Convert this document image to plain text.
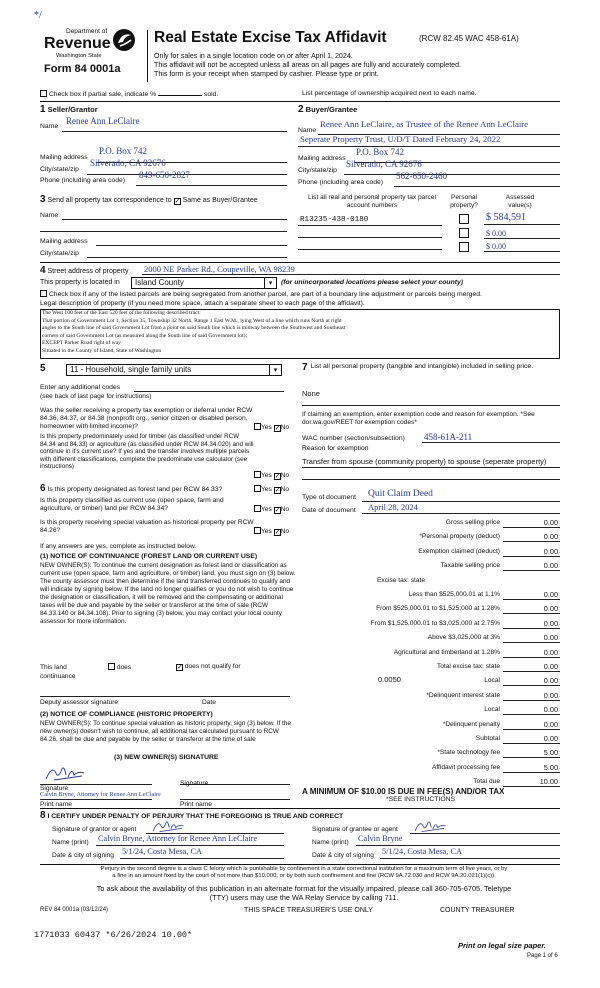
*/
Department of
Revenue
Washington State
Form 84 0001a
Real Estate Excise Tax Affidavit	(RCW 82.45 WAC 458-61A)
Only for sales in a single location code on or after April 1, 2024.
This affidavit will not be accepted unless all areas on all pages are fully and accurately completed.
This form is your receipt when stamped by cashier. Please type or print.
Check box if partial sale, indicate %	sold.	List percentage of ownership acquired next to each name.
1 Seller/Grantor
Name
Renee Ann LeClaire
Mailing address
P.O. Box 742
City/state/zip
Silverado, CA 92676
Phone (including area code)
849-650-2827
2 Buyer/Grantee
Name
Renee Ann LeClaire, as Trustee of the Renee Ann LeClaire
Seperate Property Trust, U/D/T Dated February 24, 2022
Mailing address
P.O. Box 742
City/state/zip
Silverado, CA 92676
Phone (including area code)
562-650-2460
3 Send all property tax correspondence to ✓ Same as Buyer/Grantee
Name
Mailing address
City/state/zip
List all real and personal property tax parcel account numbers
Personal property?
Assessed value(s)
R13235-438-0180	$ 584,591
$ 0.00
$ 0.00
4 Street address of property 2000 NE Parker Rd., Coupeville, WA 98239
This property is located in	Island County	▾	(for unincorporated locations please select your county)
Check box if any of the listed parcels are being segregated from another parcel, are part of a boundary line adjustment or parcels being merged.
Legal description of property (if you need more space, attach a separate sheet to each page of the affidavit).
The West 100 feet of the East 520 feet of the following described tract:
That portion of Government Lot 1, Section 35, Township 32 North, Range 1 East W.M., lying West of a line which runs North at right
angles to the South line of said Government Lot from a point on said South line which is midway between the Southwest and Southeast
corners of said Government Lot (as measured along the South line of said Government lot);
EXCEPT Parker Road right of way
Situated in the County of Island, State of Washington
5	11 - Household, single family units	▾
Enter any additional codes
(see back of last page for instructions)
Was the seller receiving a property tax exemption or deferral under RCW 84.36, 84.37, or 84.38 (nonprofit org., senior citizen or disabled person, homeowner with limited income)?	Yes ✓No
Is this property predominately used for timber (as classified under RCW 84.34 and 84.33) or agriculture (as classified under RCW 84.34.020) and will continue in it's current use? If yes and the transfer involves multiple parcels with different classifications, complete the predominate use calculator (see instructions)
Yes ✓No
6 Is this property designated as forest land per RCW 84.33?	Yes ✓No
Is this property classified as current use (open space, farm and agriculture, or timber) land per RCW 84.34?	Yes ✓No
Is this property receiving special valuation as historical property per RCW 84.26?	Yes ✓No
If any answers are yes, complete as instructed below.
(1) NOTICE OF CONTINUANCE (FOREST LAND OR CURRENT USE)
NEW OWNER(S): To continue the current designation as forest land or classification as current use (open space, farm and agriculture, or timber) land, you must sign on (3) below. The county assessor must then determine if the land transferred continues to qualify and will indicate by signing below. If the land no longer qualifies or you do not wish to continue the designation or classification, it will be removed and the compensating or additional taxes will be due and payable by the seller or transferor at the time of sale (RCW 84.33.140 or 84.34.108). Prior to signing (3) below, you may contact your local county assessor for more information.
This land
continuance
does	✓ does not qualify for
Deputy assessor signature	Date
(2) NOTICE OF COMPLIANCE (HISTORIC PROPERTY)
NEW OWNER(S): To continue special valuation as historic property, sign (3) below. If the new owner(s) doesn't wish to continue, all additional tax calculated pursuant to RCW 84.26, shall be due and payable by the seller or transferor at the time of sale
(3) NEW OWNER(S) SIGNATURE
Signature
Signature
Calvin Bryne, Attorney for Renee Ann LeClaire
Print name	Print name
7 List all personal property (tangible and intangible) included in selling price.
None
If claiming an exemption, enter exemption code and reason for exemption. *See dor.wa.gov/REET for exemption codes*
WAC number (section/subsection) 458-61A-211
Reason for exemption
Transfer from spouse (community property) to spouse (seperate property)
Type of document Quit Claim Deed
Date of document April 28, 2024
Gross selling price	0.00
*Personal property (deduct)	0.00
Exemption claimed (deduct)	0.00
Taxable selling price	0.00
Excise tax: state
Less than $525,000.01 at 1.1%	0.00
From $525,000.01 to $1,525,000 at 1.28%	0.00
From $1,525,000.01 to $3,025,000 at 2.75%	0.00
Above $3,025,000 at 3%	0.00
Agricultural and timberland at 1.28%	0.00
Total excise tax: state	0.00
Local
0.0050	0.00
*Delinquent interest state	0.00
Local	0.00
*Delinquent penalty	0.00
Subtotal	0.00
*State technology fee	5.00
Affidavit processing fee	5.00
Total due	10.00
A MINIMUM OF $10.00 IS DUE IN FEE(S) AND/OR TAX
*SEE INSTRUCTIONS
8 I CERTIFY UNDER PENALTY OF PERJURY THAT THE FOREGOING IS TRUE AND CORRECT
Signature of grantor or agent
Name (print) Calvin Bryne, Attorney for Renee Ann LeClaire
Date & city of signing 5/1/24, Costa Mesa, CA
Signature of grantee or agent
Name (print) Calvin Bryne
Date & city of signing 5/1/24, Costa Mesa, CA
Perjury in the second degree is a class C felony which is punishable by confinement in a state correctional institution for a maximum term of five years, or by
a fine in an amount fixed by the court of not more than $10,000, or by both such confinement and fine (RCW 9A.72.030 and RCW 9A.20.021(1)(c)).
To ask about the availability of this publication in an alternate format for the visually impaired, please call 360-705-6705. Teletype
(TTY) users may use the WA Relay Service by calling 711.
REV 84 0001a (03/12/24)	THIS SPACE TREASURER'S USE ONLY	COUNTY TREASURER
1771033 60437 *6/26/2024 10.00*
Print on legal size paper.
Page 1 of 6
